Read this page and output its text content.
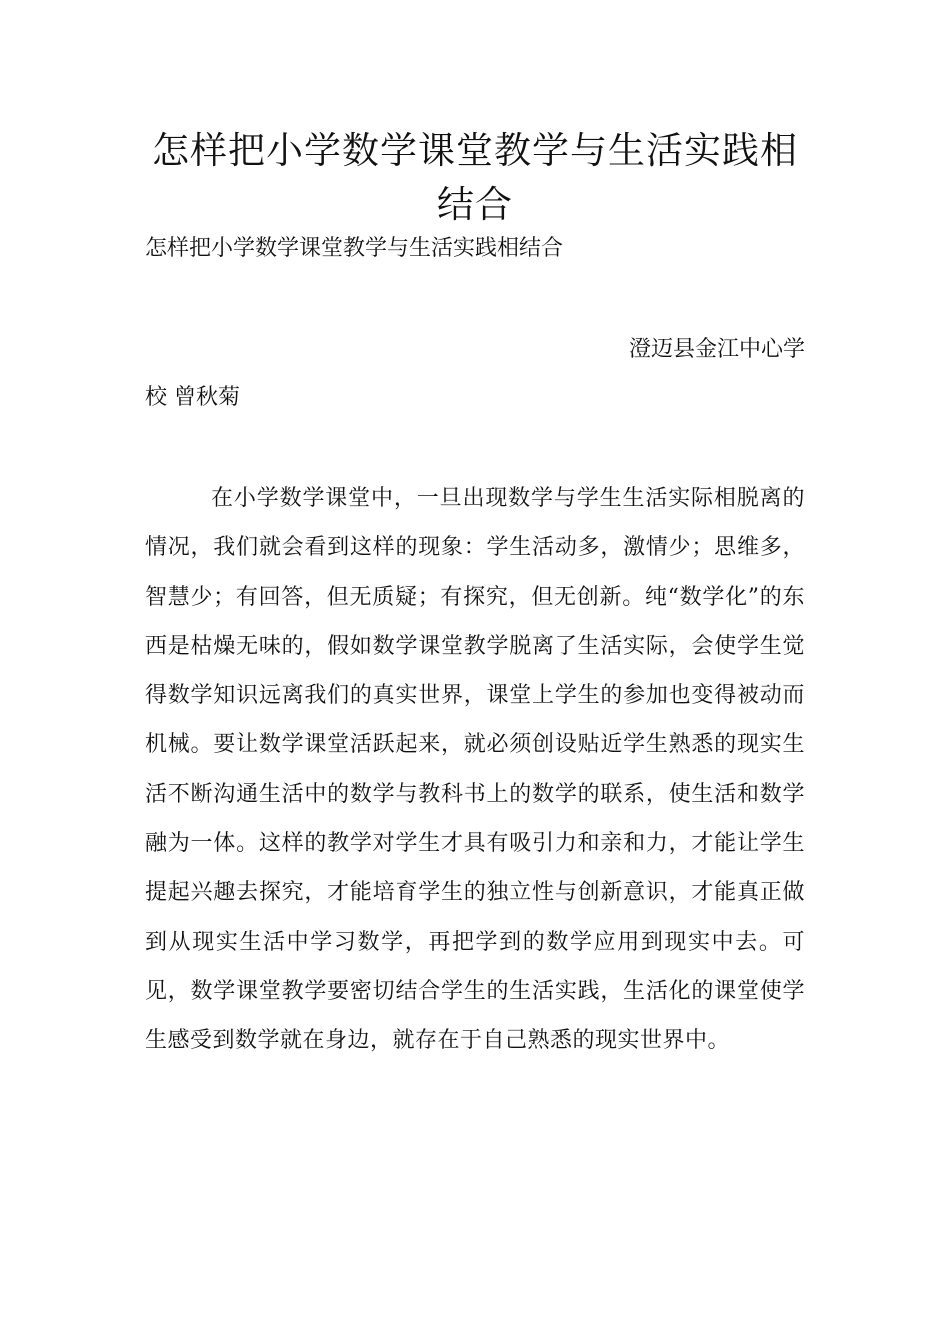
怎样把小学数学课堂教学与生活实践相结合
怎样把小学数学课堂教学与生活实践相结合
澄迈县金江中心学
校 曾秋菊

在小学数学课堂中，一旦出现数学与学生生活实际相脱离的情况，我们就会看到这样的现象：学生活动多，激情少；思维多，智慧少；有回答，但无质疑；有探究，但无创新。纯“数学化”的东西是枯燥无味的，假如数学课堂教学脱离了生活实际，会使学生觉得数学知识远离我们的真实世界，课堂上学生的参加也变得被动而机械。要让数学课堂活跃起来，就必须创设贴近学生熟悉的现实生活不断沟通生活中的数学与教科书上的数学的联系，使生活和数学融为一体。这样的教学对学生才具有吸引力和亲和力，才能让学生提起兴趣去探究，才能培育学生的独立性与创新意识，才能真正做到从现实生活中学习数学，再把学到的数学应用到现实中去。可见，数学课堂教学要密切结合学生的生活实践，生活化的课堂使学生感受到数学就在身边，就存在于自己熟悉的现实世界中。
